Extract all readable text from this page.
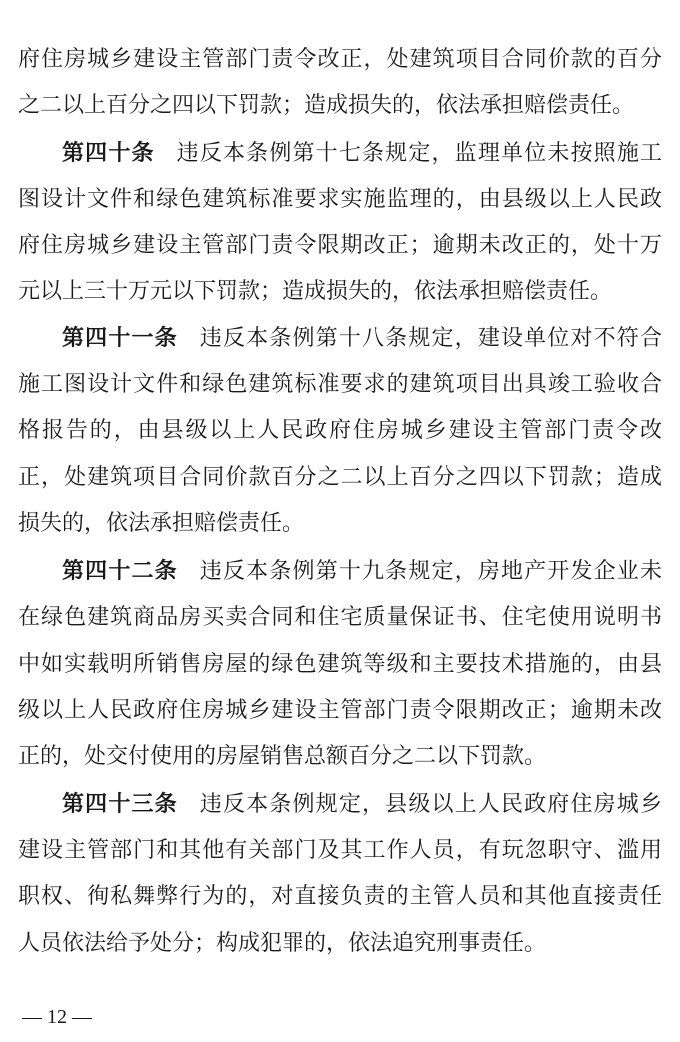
府住房城乡建设主管部门责令改正，处建筑项目合同价款的百分
之二以上百分之四以下罚款；造成损失的，依法承担赔偿责任。
第四十条 违反本条例第十七条规定，监理单位未按照施工
图设计文件和绿色建筑标准要求实施监理的，由县级以上人民政
府住房城乡建设主管部门责令限期改正；逾期未改正的，处十万
元以上三十万元以下罚款；造成损失的，依法承担赔偿责任。
第四十一条 违反本条例第十八条规定，建设单位对不符合
施工图设计文件和绿色建筑标准要求的建筑项目出具竣工验收合
格报告的，由县级以上人民政府住房城乡建设主管部门责令改
正，处建筑项目合同价款百分之二以上百分之四以下罚款；造成
损失的，依法承担赔偿责任。
第四十二条 违反本条例第十九条规定，房地产开发企业未
在绿色建筑商品房买卖合同和住宅质量保证书、住宅使用说明书
中如实载明所销售房屋的绿色建筑等级和主要技术措施的，由县
级以上人民政府住房城乡建设主管部门责令限期改正；逾期未改
正的，处交付使用的房屋销售总额百分之二以下罚款。
第四十三条 违反本条例规定，县级以上人民政府住房城乡
建设主管部门和其他有关部门及其工作人员，有玩忽职守、滥用
职权、徇私舞弊行为的，对直接负责的主管人员和其他直接责任
人员依法给予处分；构成犯罪的，依法追究刑事责任。
— 12 —
